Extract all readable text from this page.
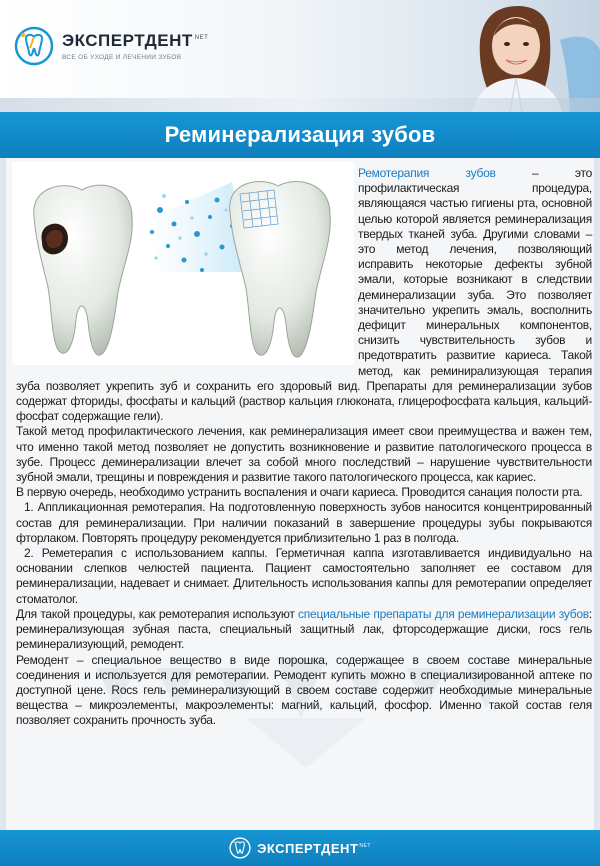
ЭКСПЕРТДЕНТ $^{NET}$
ВСЕ ОБ УХОДЕ И ЛЕЧЕНИИ ЗУБОВ
Реминерализация зубов

Ремотерапия зубов – это профилактическая процедура, являющаяся частью гигиены рта, основной целью которой является реминерализация твердых тканей зуба. Другими словами – это метод лечения, позволяющий исправить некоторые дефекты зубной эмали, которые возникают в следствии деминерализации зуба. Это позволяет значительно укрепить эмаль, восполнить дефицит минеральных компонентов, снизить чувствительность зубов и предотвратить развитие кариеса. Такой метод, как реминирализующая терапия зуба позволяет укрепить зуб и сохранить его здоровый вид. Препараты для реминерализации зубов содержат фториды, фосфаты и кальций (раствор кальция глюконата, глицерофосфата кальция, кальций-фосфат содержащие гели).

Такой метод профилактического лечения, как реминерализация имеет свои преимущества и важен тем, что именно такой метод позволяет не допустить возникновение и развитие патологического процесса в зубе. Процесс деминерализации влечет за собой много последствий – нарушение чувствительности зубной эмали, трещины и повреждения и развитие такого патологического процесса, как кариес.

В первую очередь, необходимо устранить воспаления и очаги кариеса. Проводится санация полости рта.

1. Аппликационная ремотерапия. На подготовленную поверхность зубов наносится концентрированный состав для реминерализации. При наличии показаний в завершение процедуры зубы покрываются фторлаком. Повторять процедуру рекомендуется приблизительно 1 раз в полгода.

2. Реметерапия с использованием каппы. Герметичная каппа изготавливается индивидуально на основании слепков челюстей пациента. Пациент самостоятельно заполняет ее составом для реминерализации, надевает и снимает. Длительность использования каппы для ремотерапии определяет стоматолог.

Для такой процедуры, как ремотерапия используют специальные препараты для реминерализации зубов: реминерализующая зубная паста, специальный защитный лак, фторсодержащие диски, rocs гель реминерализующий, ремодент.

Ремодент – специальное вещество в виде порошка, содержащее в своем составе минеральные соединения и используется для ремотерапии. Ремодент купить можно в специализированной аптеке по доступной цене. Rocs гель реминерализующий в своем составе содержит необходимые минеральные вещества – микроэлементы, макроэлементы: магний, кальций, фосфор. Именно такой состав геля позволяет сохранить прочность зуба.

$ЭКСПЕРТДЕНТ^{NET}$
